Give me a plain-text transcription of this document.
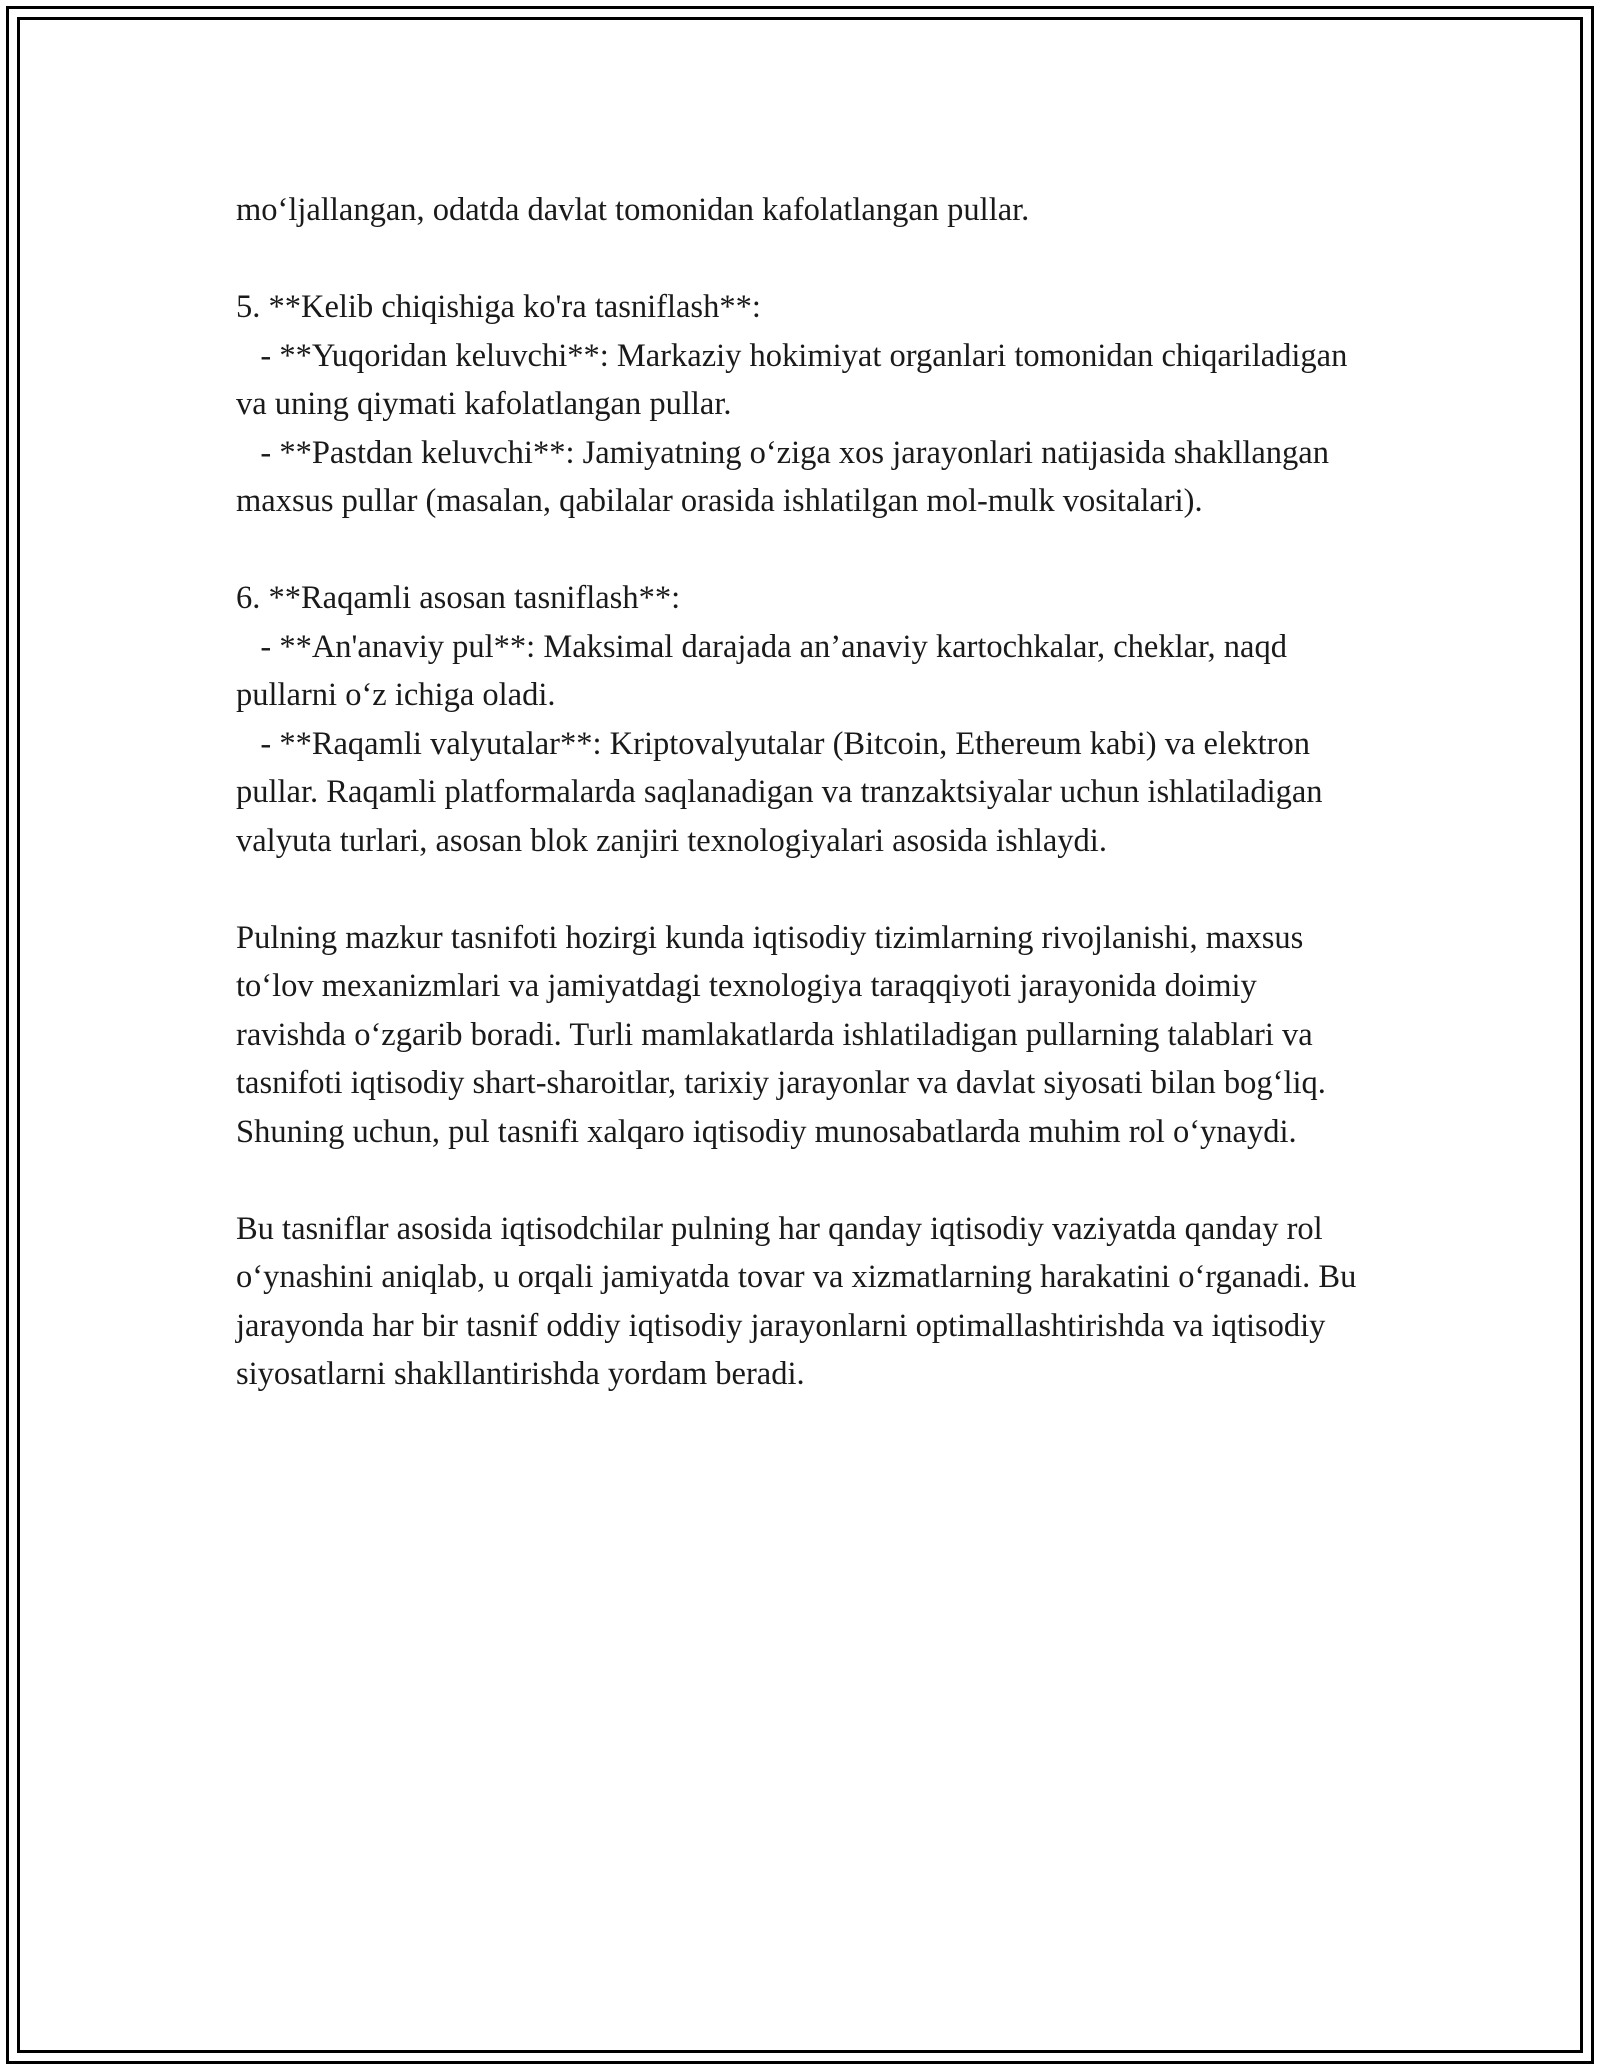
mo‘ljallangan, odatda davlat tomonidan kafolatlangan pullar.

5. **Kelib chiqishiga ko'ra tasniflash**:

- **Yuqoridan keluvchi**: Markaziy hokimiyat organlari tomonidan chiqariladigan va uning qiymati kafolatlangan pullar.

- **Pastdan keluvchi**: Jamiyatning o‘ziga xos jarayonlari natijasida shakllangan maxsus pullar (masalan, qabilalar orasida ishlatilgan mol-mulk vositalari).

6. **Raqamli asosan tasniflash**:

- **An'anaviy pul**: Maksimal darajada an’anaviy kartochkalar, cheklar, naqd pullarni o‘z ichiga oladi.

- **Raqamli valyutalar**: Kriptovalyutalar (Bitcoin, Ethereum kabi) va elektron pullar. Raqamli platformalarda saqlanadigan va tranzaktsiyalar uchun ishlatiladigan valyuta turlari, asosan blok zanjiri texnologiyalari asosida ishlaydi.

Pulning mazkur tasnifoti hozirgi kunda iqtisodiy tizimlarning rivojlanishi, maxsus to‘lov mexanizmlari va jamiyatdagi texnologiya taraqqiyoti jarayonida doimiy ravishda o‘zgarib boradi. Turli mamlakatlarda ishlatiladigan pullarning talablari va tasnifoti iqtisodiy shart-sharoitlar, tarixiy jarayonlar va davlat siyosati bilan bog‘liq. Shuning uchun, pul tasnifi xalqaro iqtisodiy munosabatlarda muhim rol o‘ynaydi.

Bu tasniflar asosida iqtisodchilar pulning har qanday iqtisodiy vaziyatda qanday rol o‘ynashini aniqlab, u orqali jamiyatda tovar va xizmatlarning harakatini o‘rganadi. Bu jarayonda har bir tasnif oddiy iqtisodiy jarayonlarni optimallashtirishda va iqtisodiy siyosatlarni shakllantirishda yordam beradi.
